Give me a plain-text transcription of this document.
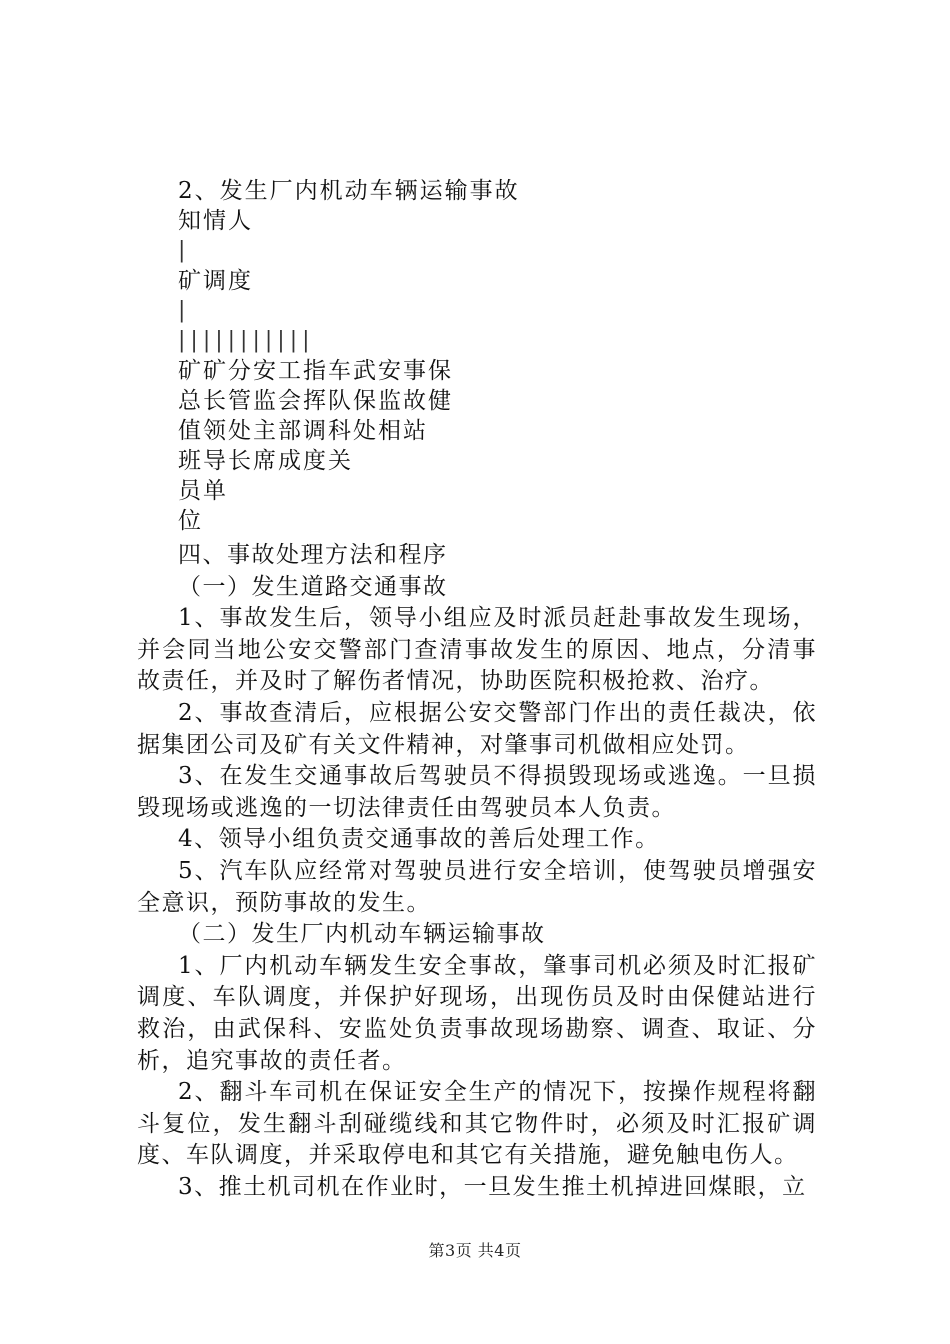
2、发生厂内机动车辆运输事故
知情人
|
矿调度
|
|||||||||||
矿矿分安工指车武安事保
总长管监会挥队保监故健
值领处主部调科处相站
班导长席成度关
员单
位

四、事故处理方法和程序

（一）发生道路交通事故

1、事故发生后，领导小组应及时派员赶赴事故发生现场，并会同当地公安交警部门查清事故发生的原因、地点，分清事故责任，并及时了解伤者情况，协助医院积极抢救、治疗。

2、事故查清后，应根据公安交警部门作出的责任裁决，依据集团公司及矿有关文件精神，对肇事司机做相应处罚。

3、在发生交通事故后驾驶员不得损毁现场或逃逸。一旦损毁现场或逃逸的一切法律责任由驾驶员本人负责。

4、领导小组负责交通事故的善后处理工作。

5、汽车队应经常对驾驶员进行安全培训，使驾驶员增强安全意识，预防事故的发生。

（二）发生厂内机动车辆运输事故

1、厂内机动车辆发生安全事故，肇事司机必须及时汇报矿调度、车队调度，并保护好现场，出现伤员及时由保健站进行救治，由武保科、安监处负责事故现场勘察、调查、取证、分析，追究事故的责任者。

2、翻斗车司机在保证安全生产的情况下，按操作规程将翻斗复位，发生翻斗刮碰缆线和其它物件时，必须及时汇报矿调度、车队调度，并采取停电和其它有关措施，避免触电伤人。

3、推土机司机在作业时，一旦发生推土机掉进回煤眼，立

第3页 共4页
